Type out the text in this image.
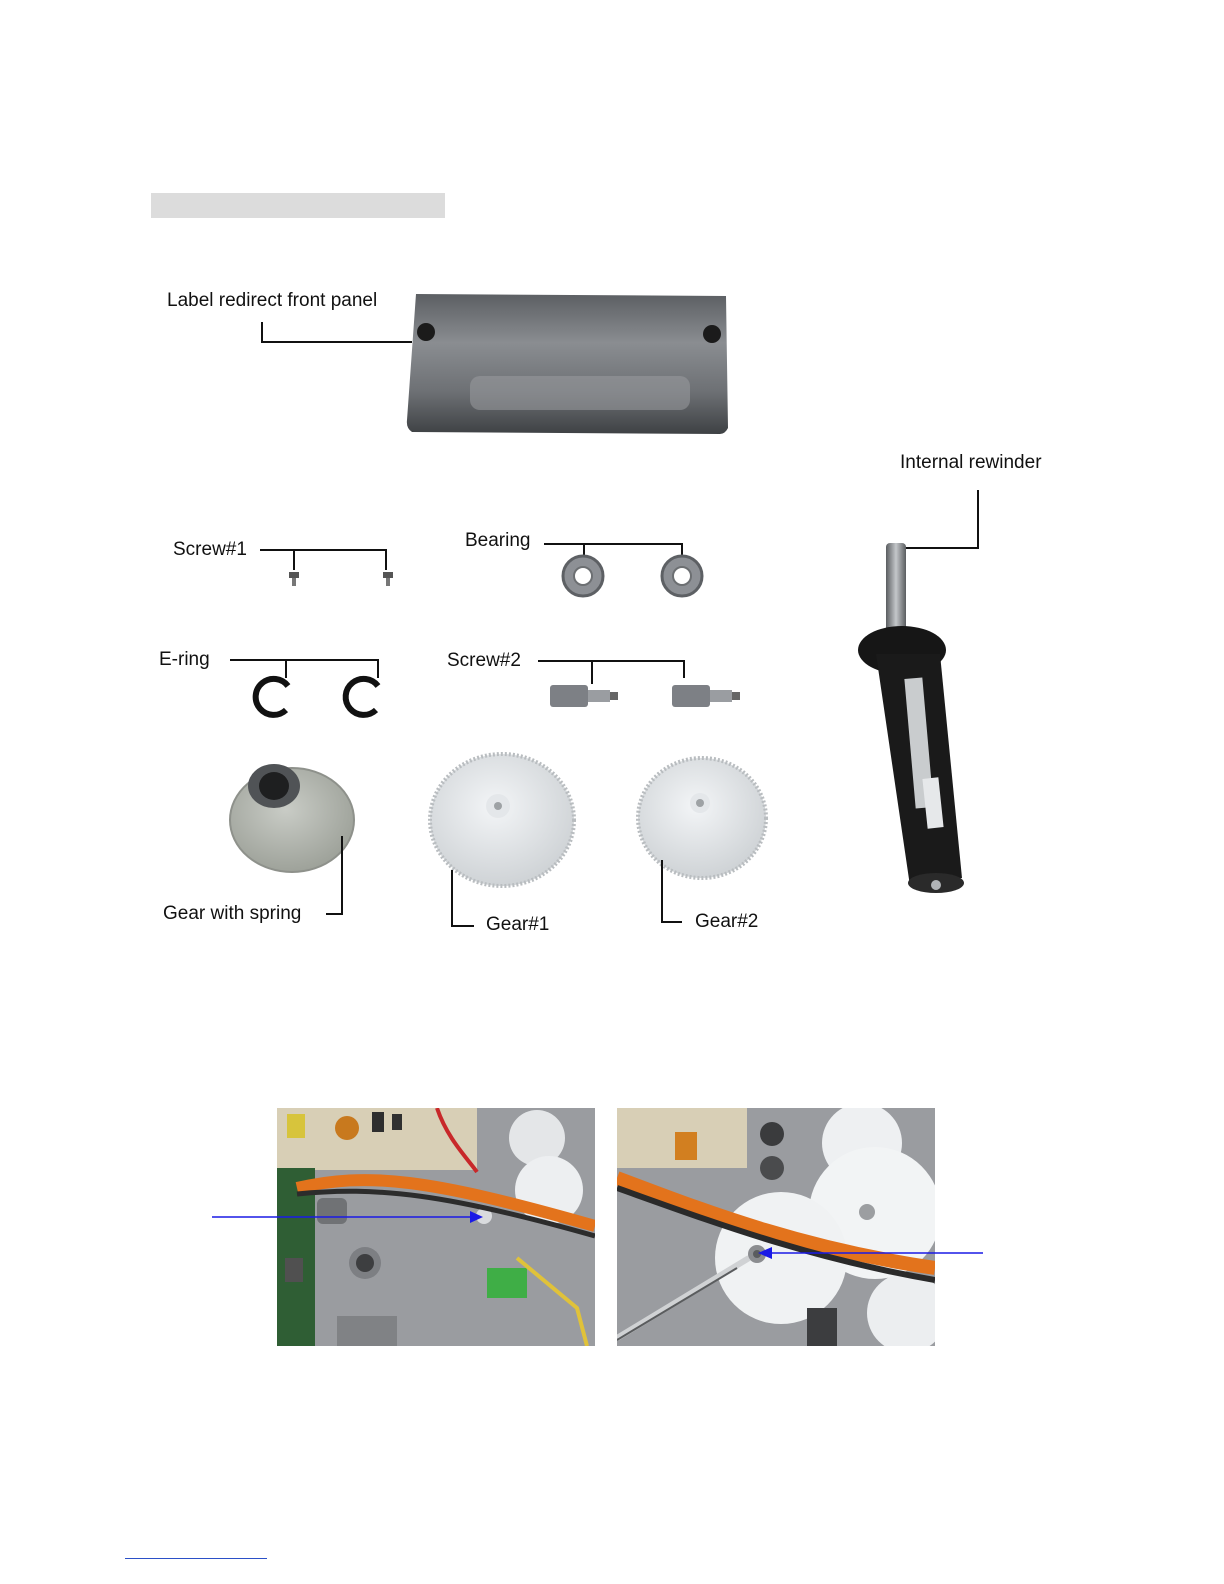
Label redirect front panel
Internal rewinder
Screw#1	Bearing
E-ring	Screw#2
Gear with spring
Gear#1	Gear#2
